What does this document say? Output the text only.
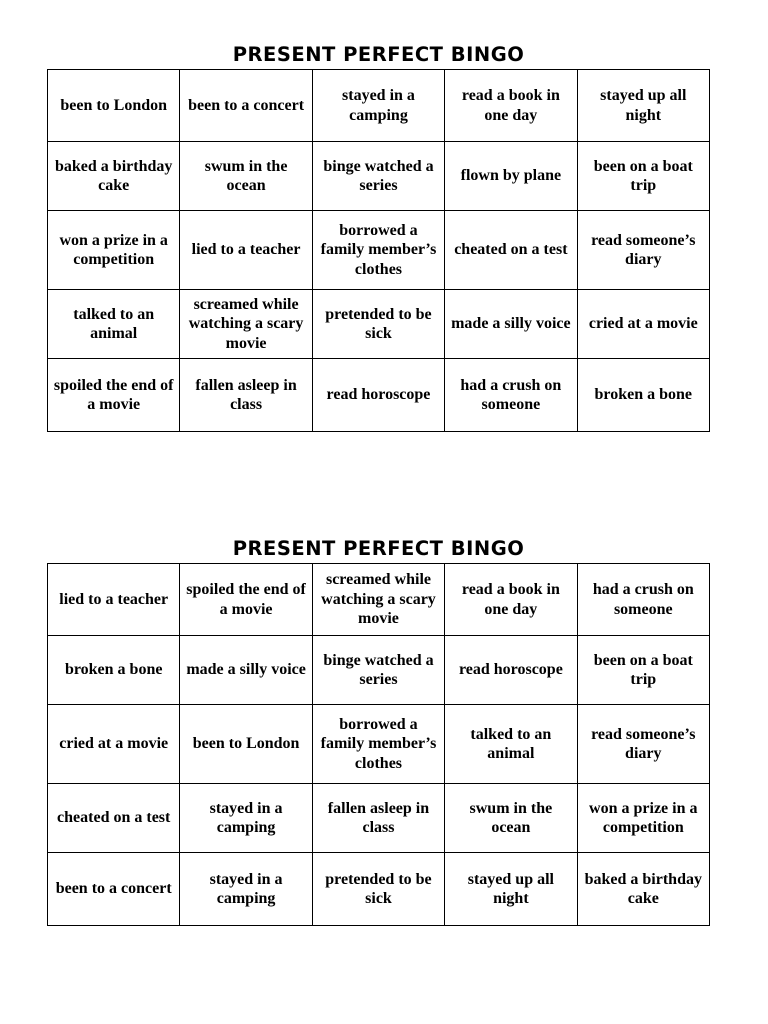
PRESENT PERFECT BINGO
been to London	been to a concert	stayed in a camping	read a book in one day	stayed up all night
baked a birthday cake	swum in the ocean	binge watched a series	flown by plane	been on a boat trip
won a prize in a competition	lied to a teacher	borrowed a family member’s clothes	cheated on a test	read someone’s diary
talked to an animal	screamed while watching a scary movie	pretended to be sick	made a silly voice	cried at a movie
spoiled the end of a movie	fallen asleep in class	read horoscope	had a crush on someone	broken a bone
PRESENT PERFECT BINGO
lied to a teacher	spoiled the end of a movie	screamed while watching a scary movie	read a book in one day	had a crush on someone
broken a bone	made a silly voice	binge watched a series	read horoscope	been on a boat trip
cried at a movie	been to London	borrowed a family member’s clothes	talked to an animal	read someone’s diary
cheated on a test	stayed in a camping	fallen asleep in class	swum in the ocean	won a prize in a competition
been to a concert	stayed in a camping	pretended to be sick	stayed up all night	baked a birthday cake
